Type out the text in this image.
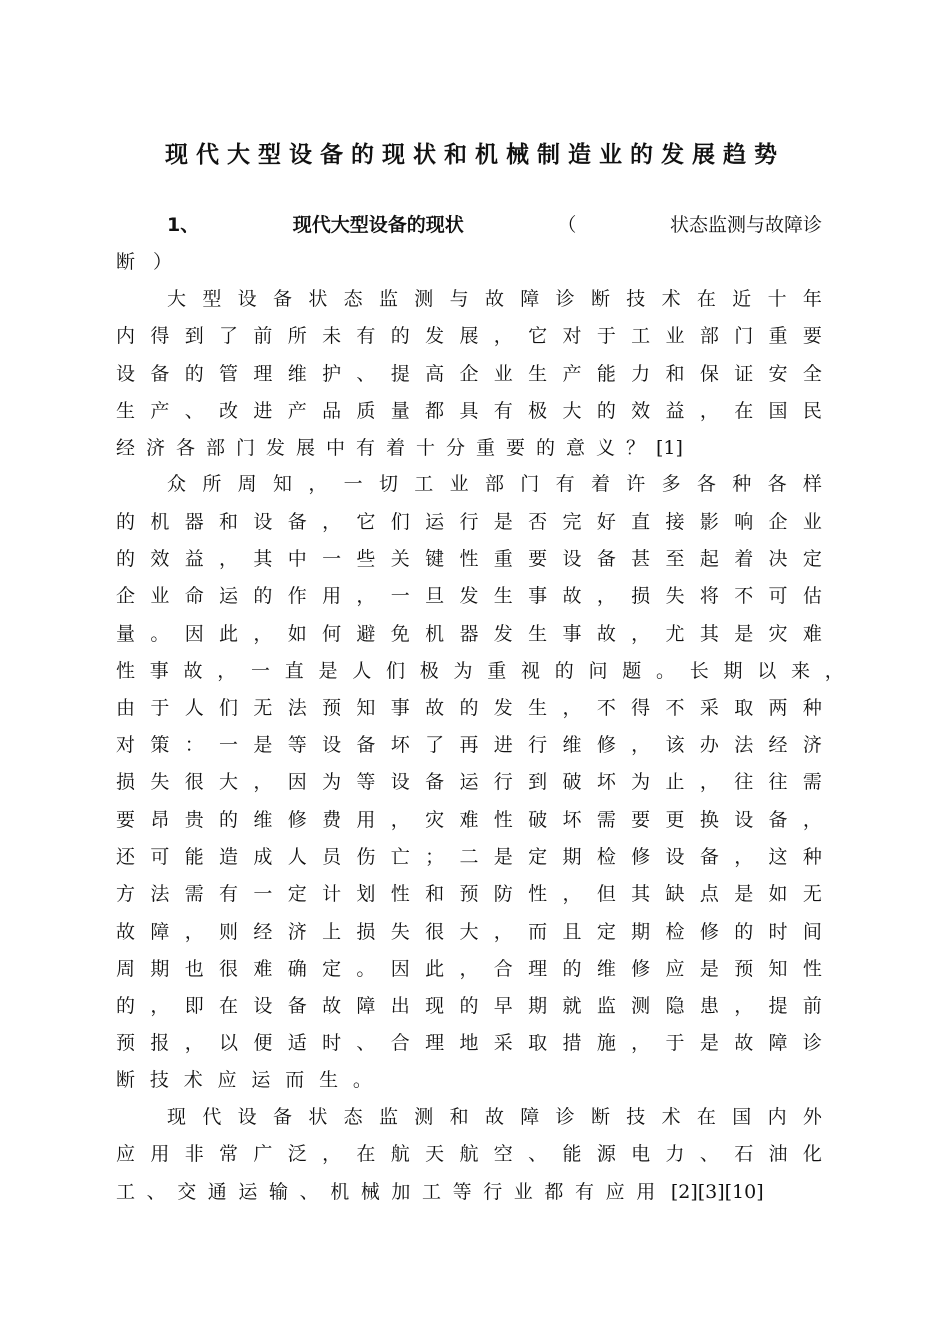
现代大型设备的现状和机械制造业的发展趋势
1、	现代大型设备的现状	（	状态监测与故障诊
断 ）
大 型 设 备 状 态 监 测 与 故 障 诊 断 技 术 在 近 十 年
内 得 到 了 前 所 未 有 的 发 展 ， 它 对 于 工 业 部 门 重 要
设 备 的 管 理 维 护 、 提 高 企 业 生 产 能 力 和 保 证 安 全
生 产 、 改 进 产 品 质 量 都 具 有 极 大 的 效 益 ， 在 国 民
经济各部门发展中有着十分重要的意义？ [1]
众 所 周 知 ， 一 切 工 业 部 门 有 着 许 多 各 种 各 样
的 机 器 和 设 备 ， 它 们 运 行 是 否 完 好 直 接 影 响 企 业
的 效 益 ， 其 中 一 些 关 键 性 重 要 设 备 甚 至 起 着 决 定
企 业 命 运 的 作 用 ， 一 旦 发 生 事 故 ， 损 失 将 不 可 估
量 。 因 此 ， 如 何 避 免 机 器 发 生 事 故 ， 尤 其 是 灾 难
性 事 故 ， 一 直 是 人 们 极 为 重 视 的 问 题 。 长 期 以 来 ，
由 于 人 们 无 法 预 知 事 故 的 发 生 ， 不 得 不 采 取 两 种
对 策 ： 一 是 等 设 备 坏 了 再 进 行 维 修 ， 该 办 法 经 济
损 失 很 大 ， 因 为 等 设 备 运 行 到 破 坏 为 止 ， 往 往 需
要 昂 贵 的 维 修 费 用 ， 灾 难 性 破 坏 需 要 更 换 设 备 ，
还 可 能 造 成 人 员 伤 亡 ； 二 是 定 期 检 修 设 备 ， 这 种
方 法 需 有 一 定 计 划 性 和 预 防 性 ， 但 其 缺 点 是 如 无
故 障 ， 则 经 济 上 损 失 很 大 ， 而 且 定 期 检 修 的 时 间
周 期 也 很 难 确 定 。 因 此 ， 合 理 的 维 修 应 是 预 知 性
的 ， 即 在 设 备 故 障 出 现 的 早 期 就 监 测 隐 患 ， 提 前
预 报 ， 以 便 适 时 、 合 理 地 采 取 措 施 ， 于 是 故 障 诊
断 技 术 应 运 而 生 。
现 代 设 备 状 态 监 测 和 故 障 诊 断 技 术 在 国 内 外
应 用 非 常 广 泛 ， 在 航 天 航 空 、 能 源 电 力 、 石 油 化
工、交通运输、机械加工等行业都有应用 [2][3][10]
